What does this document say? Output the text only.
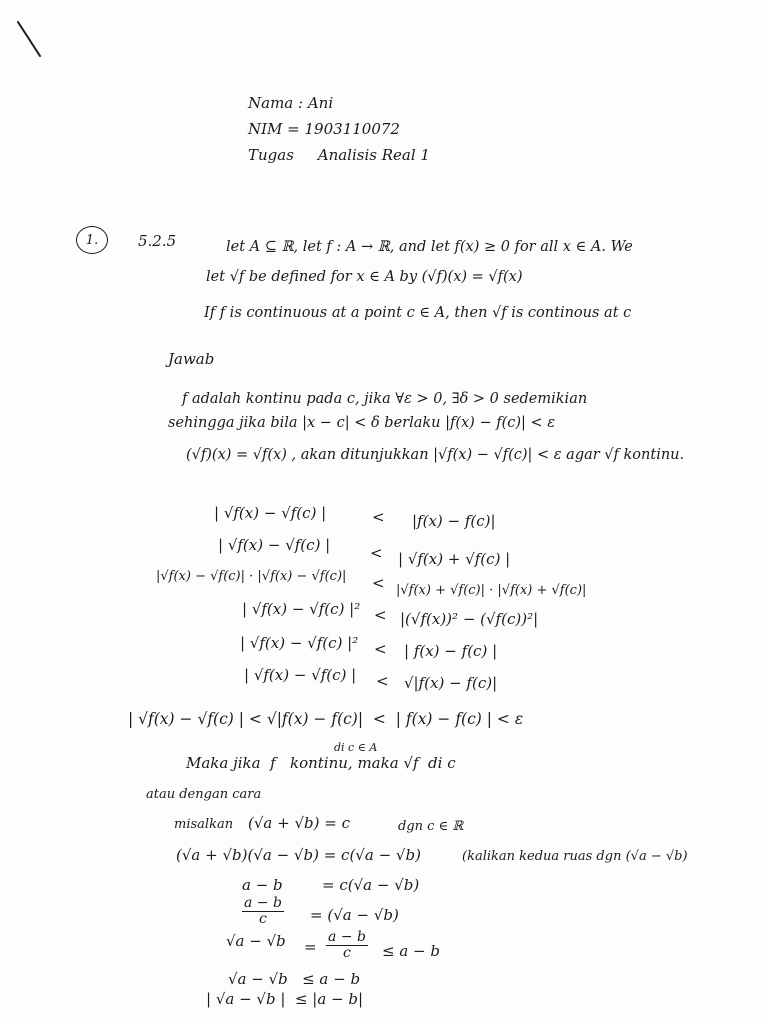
Nama : Ani
NIM = 1903110072
Tugas     Analisis Real 1
1.	5.2.5	let A ⊆ ℝ, let f : A → ℝ, and let f(x) ≥ 0 for all x ∈ A. We
let √f be defined for x ∈ A by (√f)(x) = √f(x)
If f is continuous at a point c ∈ A, then √f is continous at c
Jawab
f adalah kontinu pada c, jika ∀ε > 0, ∃δ > 0 sedemikian
sehingga jika bila |x − c| < δ berlaku |f(x) − f(c)| < ε
(√f)(x) = √f(x) , akan ditunjukkan |√f(x) − √f(c)| < ε agar √f kontinu.
| √f(x) − √f(c) |	< |f(x) − f(c)|
| √f(x) − √f(c) |	< | √f(x) + √f(c) |
|√f(x) − √f(c)| · |√f(x) − √f(c)| < |√f(x) + √f(c)| · |√f(x) + √f(c)|
| √f(x) − √f(c) |² < |(√f(x))² − (√f(c))²|
| √f(x) − √f(c) |² < | f(x) − f(c) |
| √f(x) − √f(c) | < √|f(x) − f(c)|
| √f(x) − √f(c) | < √|f(x) − f(c)|  <  | f(x) − f(c) | < ε
di c ∈ A
Maka jika  f   kontinu, maka √f  di c
atau dengan cara
misalkan (√a + √b) = c	dgn c ∈ ℝ
(√a + √b)(√a − √b) = c(√a − √b)	(kalikan kedua ruas dgn (√a − √b)
a − b	= c(√a − √b)
$\frac{a - b}{c} = (√a - √b)$
$√a - √b = \frac{a - b}{c} \le a - b$
√a − √b   ≤ a − b
| √a − √b |  ≤ |a − b|
